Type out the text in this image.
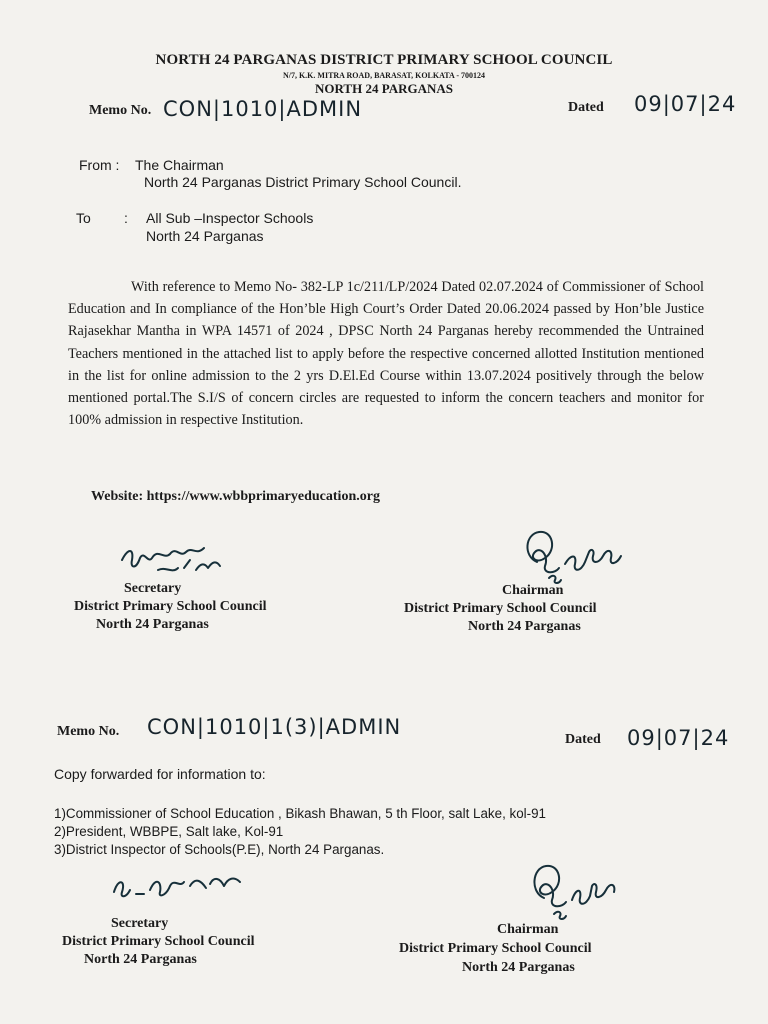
NORTH 24 PARGANAS DISTRICT PRIMARY SCHOOL COUNCIL
N/7, K.K. MITRA ROAD, BARASAT, KOLKATA - 700124
NORTH 24 PARGANAS
Memo No. CON|1010|ADMIN	Dated 09|07|24
From : The Chairman
North 24 Parganas District Primary School Council.
To : All Sub –Inspector Schools
North 24 Parganas
With reference to Memo No- 382-LP 1c/211/LP/2024 Dated 02.07.2024 of Commissioner of School Education and In compliance of the Hon’ble High Court’s Order Dated 20.06.2024 passed by Hon’ble Justice Rajasekhar Mantha in WPA 14571 of 2024 , DPSC North 24 Parganas hereby recommended the Untrained Teachers mentioned in the attached list to apply before the respective concerned allotted Institution mentioned in the list for online admission to the 2 yrs D.El.Ed Course within 13.07.2024 positively through the below mentioned portal.The S.I/S of concern circles are requested to inform the concern teachers and monitor for 100% admission in respective Institution.
Website: https://www.wbbprimaryeducation.org
Secretary
District Primary School Council
North 24 Parganas
Chairman
District Primary School Council
North 24 Parganas
Memo No. CON|1010|1(3)|ADMIN
Dated 09|07|24
Copy forwarded for information to:
1)Commissioner of School Education , Bikash Bhawan, 5 th Floor, salt Lake, kol-91
2)President, WBBPE, Salt lake, Kol-91
3)District Inspector of Schools(P.E), North 24 Parganas.
Secretary
District Primary School Council
North 24 Parganas
Chairman
District Primary School Council
North 24 Parganas
